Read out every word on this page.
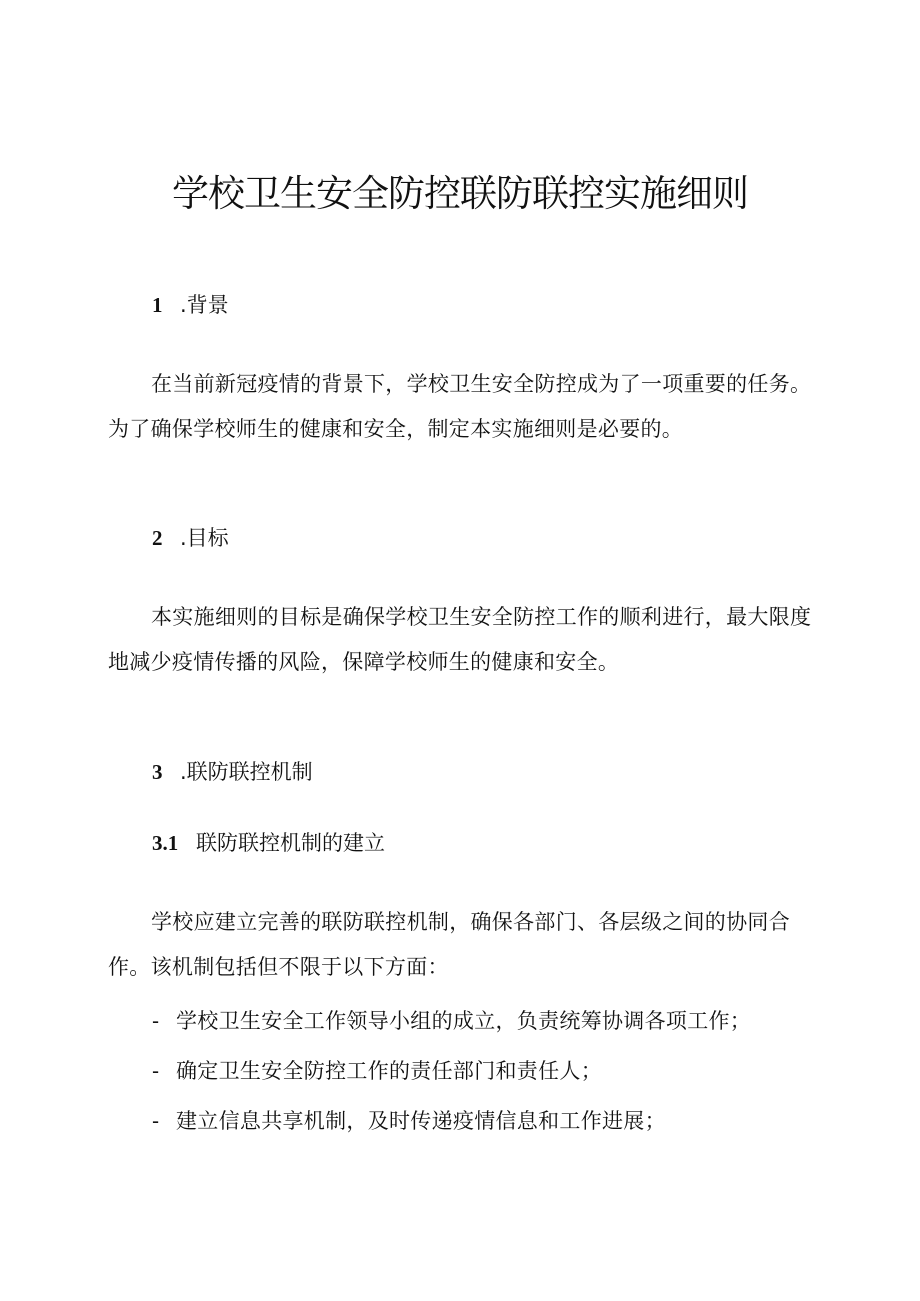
学校卫生安全防控联防联控实施细则
1 .背景

在当前新冠疫情的背景下，学校卫生安全防控成为了一项重要的任务。为了确保学校师生的健康和安全，制定本实施细则是必要的。

2 .目标

本实施细则的目标是确保学校卫生安全防控工作的顺利进行，最大限度地减少疫情传播的风险，保障学校师生的健康和安全。

3 .联防联控机制
3.1 联防联控机制的建立

学校应建立完善的联防联控机制，确保各部门、各层级之间的协同合作。该机制包括但不限于以下方面：

- 学校卫生安全工作领导小组的成立，负责统筹协调各项工作；
- 确定卫生安全防控工作的责任部门和责任人；
- 建立信息共享机制，及时传递疫情信息和工作进展；
